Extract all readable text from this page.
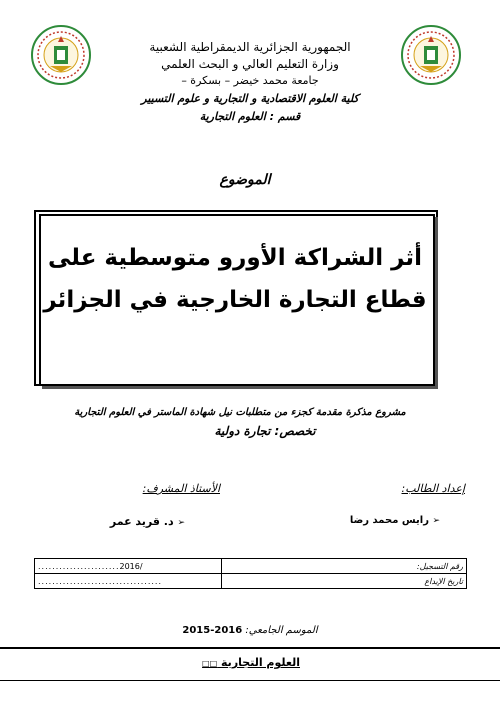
الجمهورية الجزائرية الديمقراطية الشعبية
وزارة التعليم العالي و البحث العلمي
جامعة محمد خيضر – بسكرة –
كلية العلوم الاقتصادية و التجارية و علوم التسيير
قسم : العلوم التجارية
الموضوع
أثر الشراكة الأورو متوسطية على
قطاع التجارة الخارجية في الجزائر
مشروع مذكرة مقدمة كجزء من متطلبات نيل شهادة الماستر في العلوم التجارية
تخصص: تجارة دولية
إعداد الطالب:
الأستاذ المشرف:
➢ رايس محمد رضا
➢ د. قريد عمر
.......................2016/	رقم التسجيل:
...................................	تاريخ الإيداع
الموسم الجامعي: 2016-2015
العلوم التجارية □□
